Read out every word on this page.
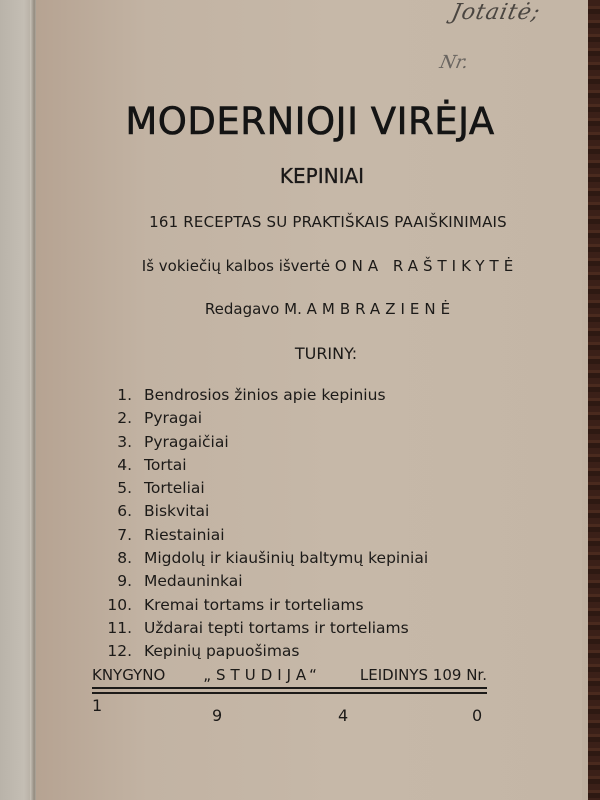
Jotaitė;
Nr.
MODERNIOJI VIRĖJA
KEPINIAI
161 RECEPTAS SU PRAKTIŠKAIS PAAIŠKINIMAIS
Iš vokiečių kalbos išvertė ONA RAŠTIKYTĖ
Redagavo M. AMBRAZIENĖ
TURINY:
1. Bendrosios žinios apie kepinius
2. Pyragai
3. Pyragaičiai
4. Tortai
5. Torteliai
6. Biskvitai
7. Riestainiai
8. Migdolų ir kiaušinių baltymų kepiniai
9. Medauninkai
10. Kremai tortams ir torteliams
11. Uždarai tepti tortams ir torteliams
12. Kepinių papuošimas
KNYGYNO	„STUDIJA“	LEIDINYS 109 Nr.
1
9	4	0
